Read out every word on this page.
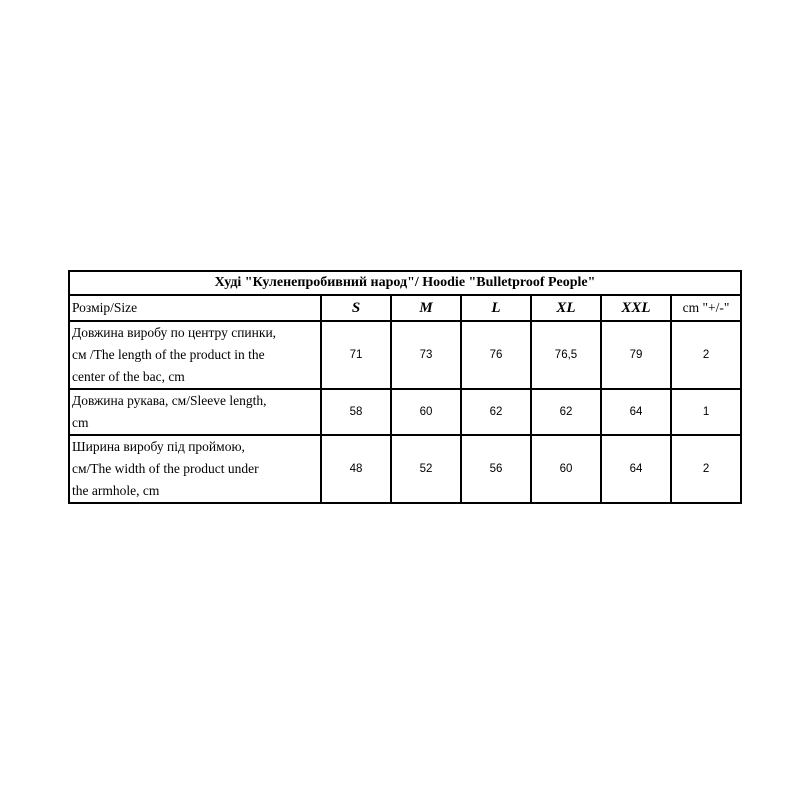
Худі "Куленепробивний народ"/ Hoodie "Bulletproof People"						
Розмір/Size	S	M	L	XL	XXL	cm "+/-"

Довжина виробу по центру спинки,
см /The length of the product in the
center of the bac, cm	71	73	76	76,5	79	2

Довжина рукава, см/Sleeve length,
cm	58	60	62	62	64	1

Ширина виробу під проймою,
см/The width of the product under
the armhole, cm	48	52	56	60	64	2
